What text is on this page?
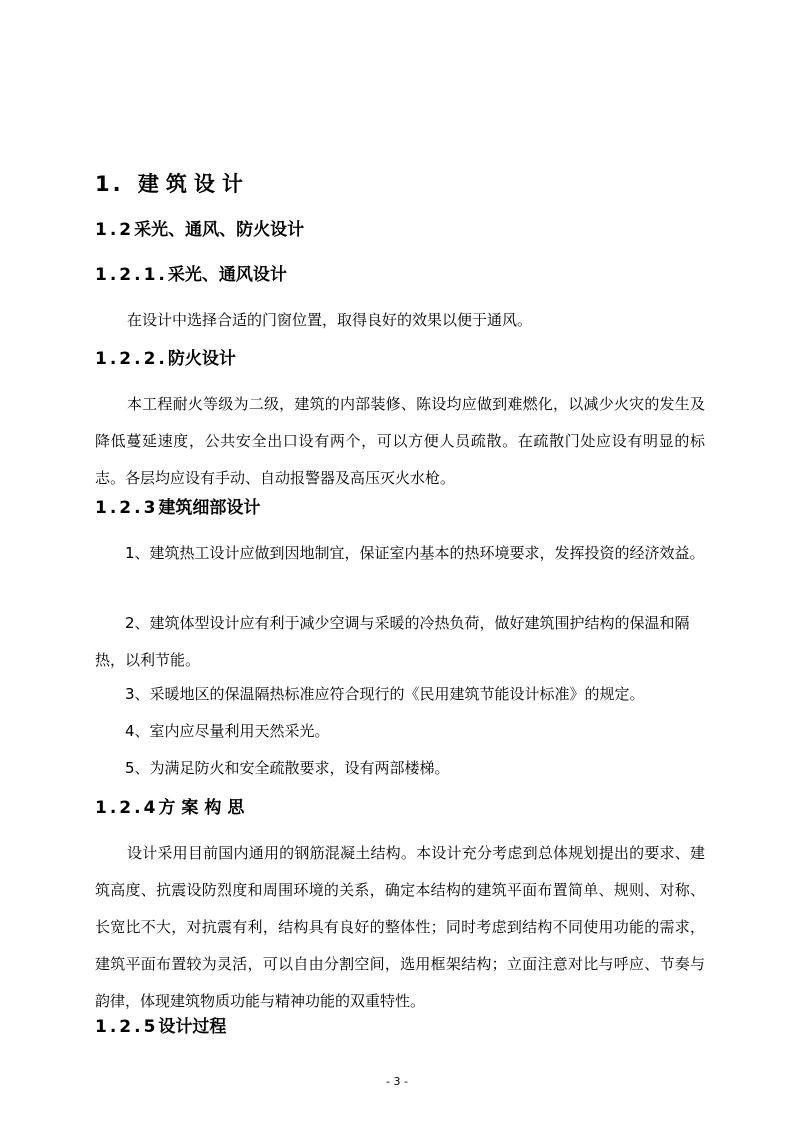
1. 建筑设计
1.2采光、通风、防火设计
1.2.1.采光、通风设计

在设计中选择合适的门窗位置，取得良好的效果以便于通风。

1.2.2.防火设计

本工程耐火等级为二级，建筑的内部装修、陈设均应做到难燃化，以减少火灾的发生及降低蔓延速度，公共安全出口设有两个，可以方便人员疏散。在疏散门处应设有明显的标志。各层均应设有手动、自动报警器及高压灭火水枪。

1.2.3建筑细部设计

1、建筑热工设计应做到因地制宜，保证室内基本的热环境要求，发挥投资的经济效益。

2、建筑体型设计应有利于减少空调与采暖的冷热负荷，做好建筑围护结构的保温和隔热，以利节能。

3、采暖地区的保温隔热标准应符合现行的《民用建筑节能设计标准》的规定。

4、室内应尽量利用天然采光。

5、为满足防火和安全疏散要求，设有两部楼梯。

1.2.4方案构思

设计采用目前国内通用的钢筋混凝土结构。本设计充分考虑到总体规划提出的要求、建筑高度、抗震设防烈度和周围环境的关系，确定本结构的建筑平面布置简单、规则、对称、长宽比不大，对抗震有利，结构具有良好的整体性；同时考虑到结构不同使用功能的需求，建筑平面布置较为灵活，可以自由分割空间，选用框架结构；立面注意对比与呼应、节奏与韵律，体现建筑物质功能与精神功能的双重特性。

1.2.5设计过程
- 3 -
